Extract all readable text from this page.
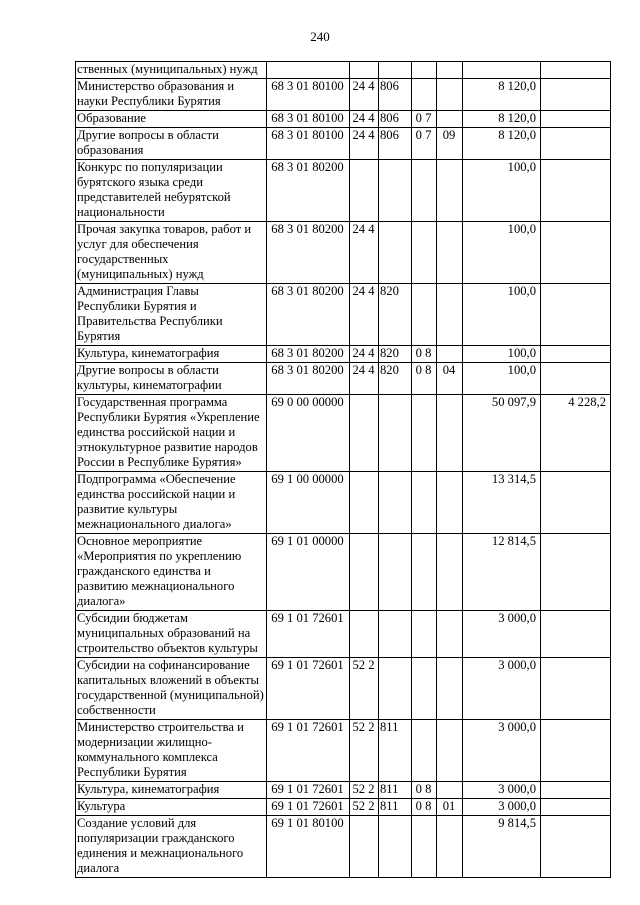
240
ственных (муниципальных) нужд							
Министерство образования и науки Республики Бурятия	68 3 01 80100	24 4	806			8 120,0	
Образование	68 3 01 80100	24 4	806	0 7		8 120,0	
Другие вопросы в области образования	68 3 01 80100	24 4	806	0 7	09	8 120,0	
Конкурс по популяризации бурятского языка среди представителей небурятской национальности	68 3 01 80200					100,0	
Прочая закупка товаров, работ и услуг для обеспечения государственных (муниципальных) нужд	68 3 01 80200	24 4				100,0	
Администрация Главы Республики Бурятия и Правительства Республики Бурятия	68 3 01 80200	24 4	820			100,0	
Культура, кинематография	68 3 01 80200	24 4	820	0 8		100,0	
Другие вопросы в области культуры, кинематографии	68 3 01 80200	24 4	820	0 8	04	100,0	
Государственная программа Республики Бурятия «Укрепление единства российской нации и этнокультурное развитие народов России в Республике Бурятия»	69 0 00 00000					50 097,9	4 228,2
Подпрограмма «Обеспечение единства российской нации и развитие культуры межнационального диалога»	69 1 00 00000					13 314,5	
Основное мероприятие «Мероприятия по укреплению гражданского единства и развитию межнационального диалога»	69 1 01 00000					12 814,5	
Субсидии бюджетам муниципальных образований на строительство объектов культуры	69 1 01 72601					3 000,0	
Субсидии на софинансирование капитальных вложений в объекты государственной (муниципальной) собственности	69 1 01 72601	52 2				3 000,0	
Министерство строительства и модернизации жилищно-коммунального комплекса Республики Бурятия	69 1 01 72601	52 2	811			3 000,0	
Культура, кинематография	69 1 01 72601	52 2	811	0 8		3 000,0	
Культура	69 1 01 72601	52 2	811	0 8	01	3 000,0	
Создание условий для популяризации гражданского единения и межнационального диалога	69 1 01 80100					9 814,5	
